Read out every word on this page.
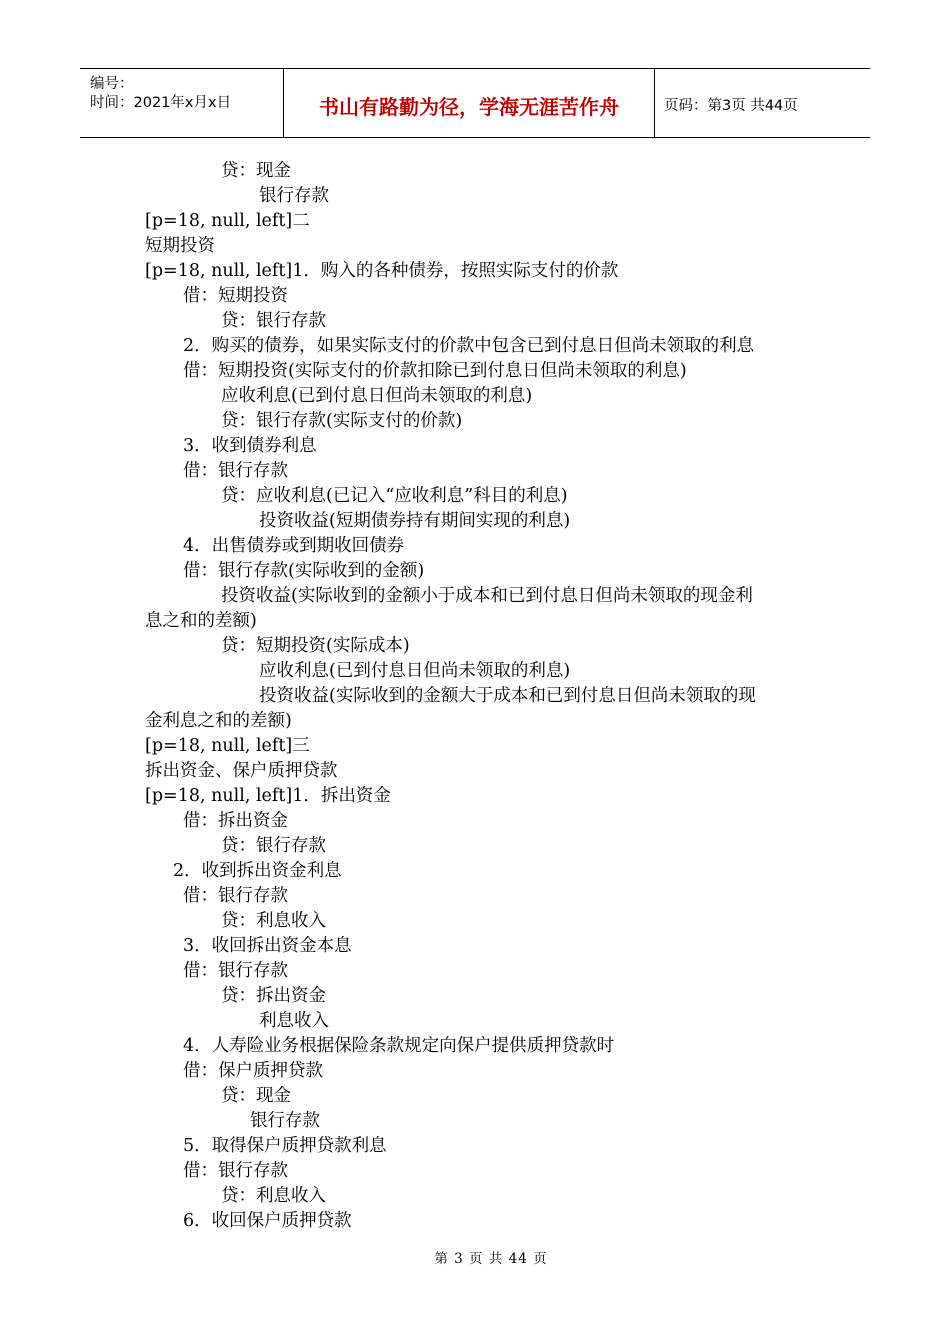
编号：
时间：2021年x月x日	书山有路勤为径，学海无涯苦作舟	页码：第3页 共44页
贷：现金
银行存款
[p=18, null, left]二
短期投资
[p=18, null, left]1．购入的各种债券，按照实际支付的价款
借：短期投资
贷：银行存款
2．购买的债券，如果实际支付的价款中包含已到付息日但尚未领取的利息
借：短期投资(实际支付的价款扣除已到付息日但尚未领取的利息)
应收利息(已到付息日但尚未领取的利息)
贷：银行存款(实际支付的价款)
3．收到债券利息
借：银行存款
贷：应收利息(已记入“应收利息”科目的利息)
投资收益(短期债券持有期间实现的利息)
4．出售债券或到期收回债券
借：银行存款(实际收到的金额)
投资收益(实际收到的金额小于成本和已到付息日但尚未领取的现金利
息之和的差额)
贷：短期投资(实际成本)
应收利息(已到付息日但尚未领取的利息)
投资收益(实际收到的金额大于成本和已到付息日但尚未领取的现
金利息之和的差额)
[p=18, null, left]三
拆出资金、保户质押贷款
[p=18, null, left]1．拆出资金
借：拆出资金
贷：银行存款
2．收到拆出资金利息
借：银行存款
贷：利息收入
3．收回拆出资金本息
借：银行存款
贷：拆出资金
利息收入
4．人寿险业务根据保险条款规定向保户提供质押贷款时
借：保户质押贷款
贷：现金
银行存款
5．取得保户质押贷款利息
借：银行存款
贷：利息收入
6．收回保户质押贷款
第 3 页 共 44 页
